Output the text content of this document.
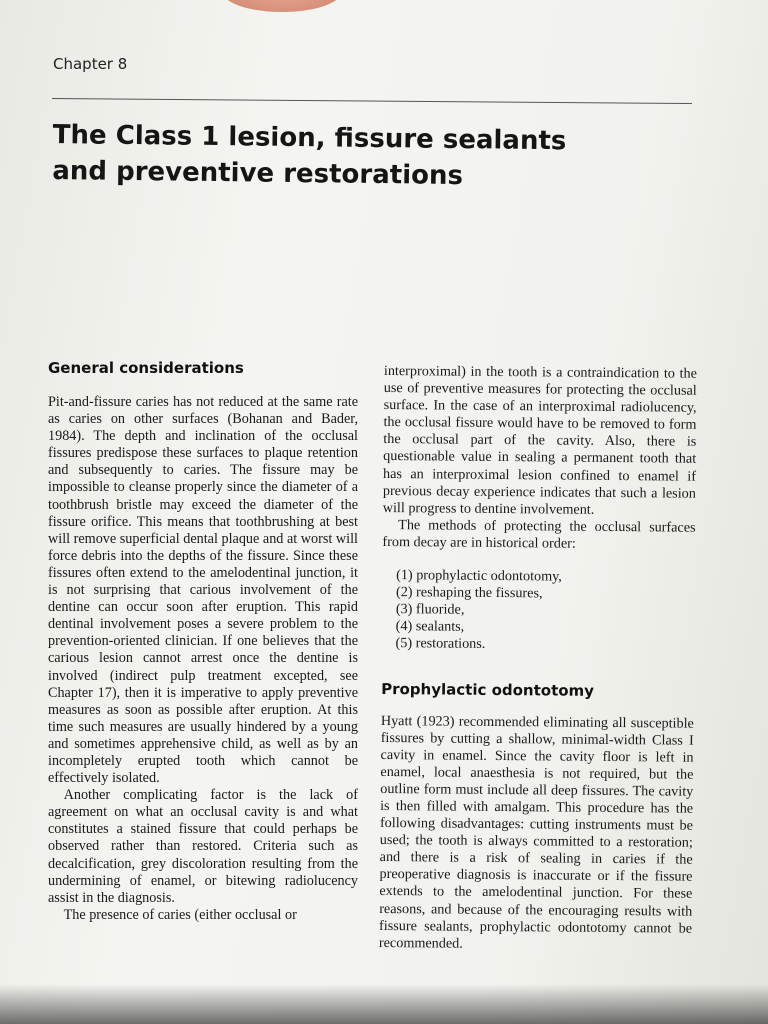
Chapter 8
The Class 1 lesion, fissure sealants
and preventive restorations
General considerations

Pit-and-fissure caries has not reduced at the same rate as caries on other surfaces (Bohanan and Bader, 1984). The depth and inclination of the occlusal fissures predispose these surfaces to plaque retention and subsequently to caries. The fissure may be impossible to cleanse properly since the diameter of a toothbrush bristle may exceed the diameter of the fissure orifice. This means that toothbrushing at best will remove superficial dental plaque and at worst will force debris into the depths of the fissure. Since these fissures often extend to the amelodentinal junction, it is not surprising that carious involvement of the dentine can occur soon after eruption. This rapid dentinal involvement poses a severe problem to the prevention-oriented clinician. If one believes that the carious lesion cannot arrest once the dentine is involved (indirect pulp treatment excepted, see Chapter 17), then it is imperative to apply preventive measures as soon as possible after eruption. At this time such measures are usually hindered by a young and sometimes apprehensive child, as well as by an incompletely erupted tooth which cannot be effectively isolated.

Another complicating factor is the lack of agreement on what an occlusal cavity is and what constitutes a stained fissure that could perhaps be observed rather than restored. Criteria such as decalcification, grey discoloration resulting from the undermining of enamel, or bitewing radiolucency assist in the diagnosis.

The presence of caries (either occlusal or

interproximal) in the tooth is a contraindication to the use of preventive measures for protecting the occlusal surface. In the case of an interproximal radiolucency, the occlusal fissure would have to be removed to form the occlusal part of the cavity. Also, there is questionable value in sealing a permanent tooth that has an interproximal lesion confined to enamel if previous decay experience indicates that such a lesion will progress to dentine involvement.

The methods of protecting the occlusal surfaces from decay are in historical order:

(1) prophylactic odontotomy,
(2) reshaping the fissures,
(3) fluoride,
(4) sealants,
(5) restorations.
Prophylactic odontotomy

Hyatt (1923) recommended eliminating all susceptible fissures by cutting a shallow, minimal-width Class I cavity in enamel. Since the cavity floor is left in enamel, local anaesthesia is not required, but the outline form must include all deep fissures. The cavity is then filled with amalgam. This procedure has the following disadvantages: cutting instruments must be used; the tooth is always committed to a restoration; and there is a risk of sealing in caries if the preoperative diagnosis is inaccurate or if the fissure extends to the amelodentinal junction. For these reasons, and because of the encouraging results with fissure sealants, prophylactic odontotomy cannot be recommended.
